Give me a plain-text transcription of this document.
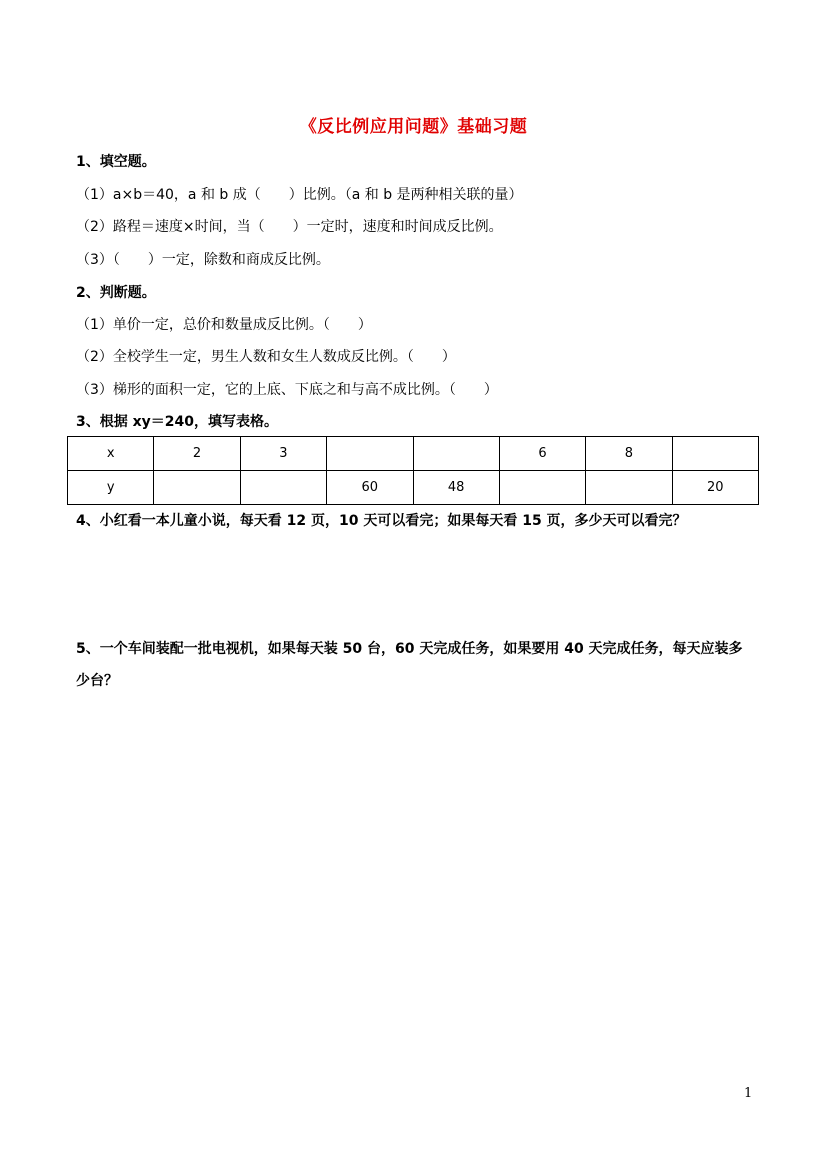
《反比例应用问题》基础习题
1、填空题。
（1）a×b＝40，a 和 b 成（　　）比例。（a 和 b 是两种相关联的量）
（2）路程＝速度×时间，当（　　）一定时，速度和时间成反比例。
（3）（　　）一定，除数和商成反比例。
2、判断题。
（1）单价一定，总价和数量成反比例。（　　）
（2）全校学生一定，男生人数和女生人数成反比例。（　　）
（3）梯形的面积一定，它的上底、下底之和与高不成比例。（　　）
3、根据 xy＝240，填写表格。
x	2	3			6	8	
y			60	48			20
4、小红看一本儿童小说，每天看 12 页，10 天可以看完；如果每天看 15 页，多少天可以看完？
5、一个车间装配一批电视机，如果每天装 50 台，60 天完成任务，如果要用 40 天完成任务，每天应装多少台？
1
